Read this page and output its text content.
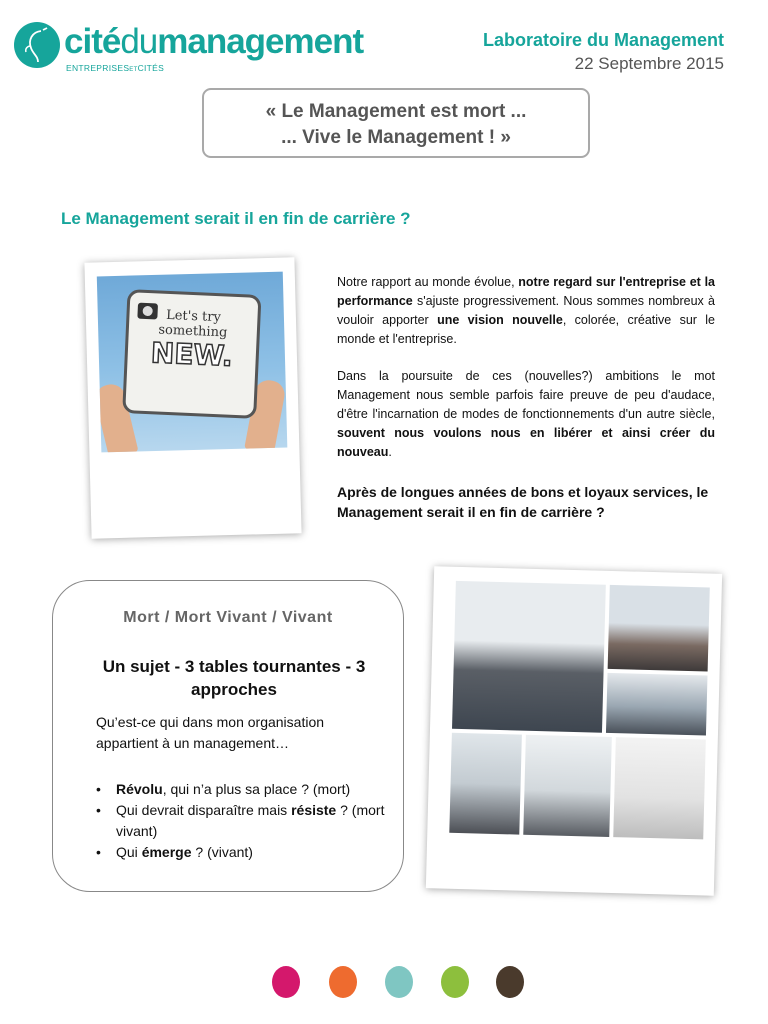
citédumanagement
ENTREPRISESETCITÉS
Laboratoire du Management
22 Septembre 2015
« Le Management est mort ...
... Vive le Management ! »
Le Management serait il en fin de carrière ?
Let's try
something
NEW.
Notre rapport au monde évolue, notre regard sur l'entreprise et la performance s'ajuste progressivement. Nous sommes nombreux à vouloir apporter une vision nouvelle, colorée, créative sur le monde et l'entreprise.
Dans la poursuite de ces (nouvelles?) ambitions le mot Management nous semble parfois faire preuve de peu d'audace, d'être l'incarnation de modes de fonctionnements d'un autre siècle, souvent nous voulons nous en libérer et ainsi créer du nouveau.
Après de longues années de bons et loyaux services, le Management serait il en fin de carrière ?
Mort / Mort Vivant / Vivant
Un sujet - 3 tables tournantes - 3
approches
Qu’est-ce qui dans mon organisation appartient à un management…
• Révolu, qui n’a plus sa place ? (mort)
• Qui devrait disparaître mais résiste ? (mort vivant)
• Qui émerge ? (vivant)
